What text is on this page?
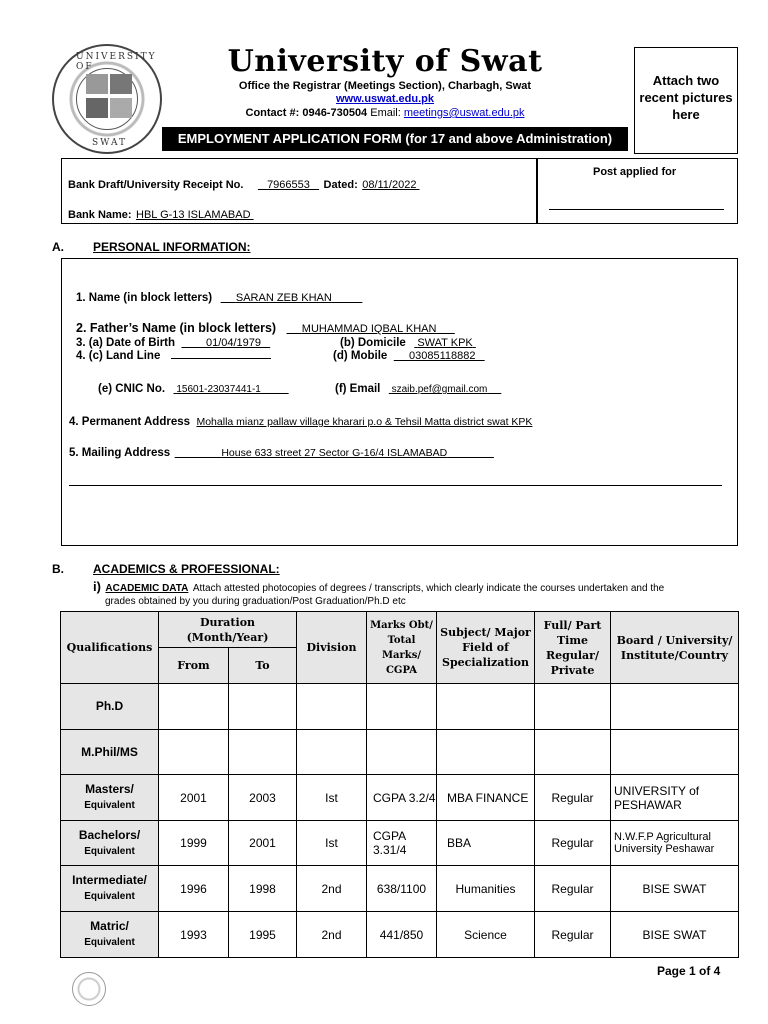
UNIVERSITY OF
SWAT
University of Swat
Office the Registrar (Meetings Section), Charbagh, Swat
www.uswat.edu.pk
Contact #: 0946-730504 Email: meetings@uswat.edu.pk
EMPLOYMENT APPLICATION FORM (for 17 and above Administration)
Attach two recent pictures here
Bank Draft/University Receipt No. 7966553 Dated: 08/11/2022
Bank Name: HBL G-13 ISLAMABAD
Post applied for
A. PERSONAL INFORMATION:
1. Name (in block letters) SARAN ZEB KHAN
2. Father’s Name (in block letters) MUHAMMAD IQBAL KHAN
3. (a) Date of Birth	01/04/1979	(b) Domicile SWAT KPK
4. (c) Land Line	(d) Mobile 03085118882
(e) CNIC No. 15601-23037441-1	(f) Email szaib.pef@gmail.com
4. Permanent Address Mohalla mianz pallaw village kharari p.o & Tehsil Matta district swat KPK
5. Mailing Address	House 633 street 27 Sector G-16/4 ISLAMABAD
B. ACADEMICS & PROFESSIONAL:
i) ACADEMIC DATA Attach attested photocopies of degrees / transcripts, which clearly indicate the courses undertaken and the
grades obtained by you during graduation/Post Graduation/Ph.D etc
Qualifications	Duration (Month/Year)		Division	Marks Obt/ Total Marks/ CGPA	Subject/ Major Field of Specialization	Full/ Part Time Regular/ Private	Board / University/ Institute/Country
	From	To					
Ph.D							
M.Phil/MS							
Masters/
Equivalent	2001	2003	Ist	CGPA 3.2/4	MBA FINANCE	Regular	UNIVERSITY of PESHAWAR
Bachelors/
Equivalent	1999	2001	Ist	CGPA 3.31/4	BBA	Regular	N.W.F.P Agricultural University Peshawar
Intermediate/
Equivalent	1996	1998	2nd	638/1100	Humanities	Regular	BISE SWAT
Matric/
Equivalent	1993	1995	2nd	441/850	Science	Regular	BISE SWAT
Page 1 of 4
